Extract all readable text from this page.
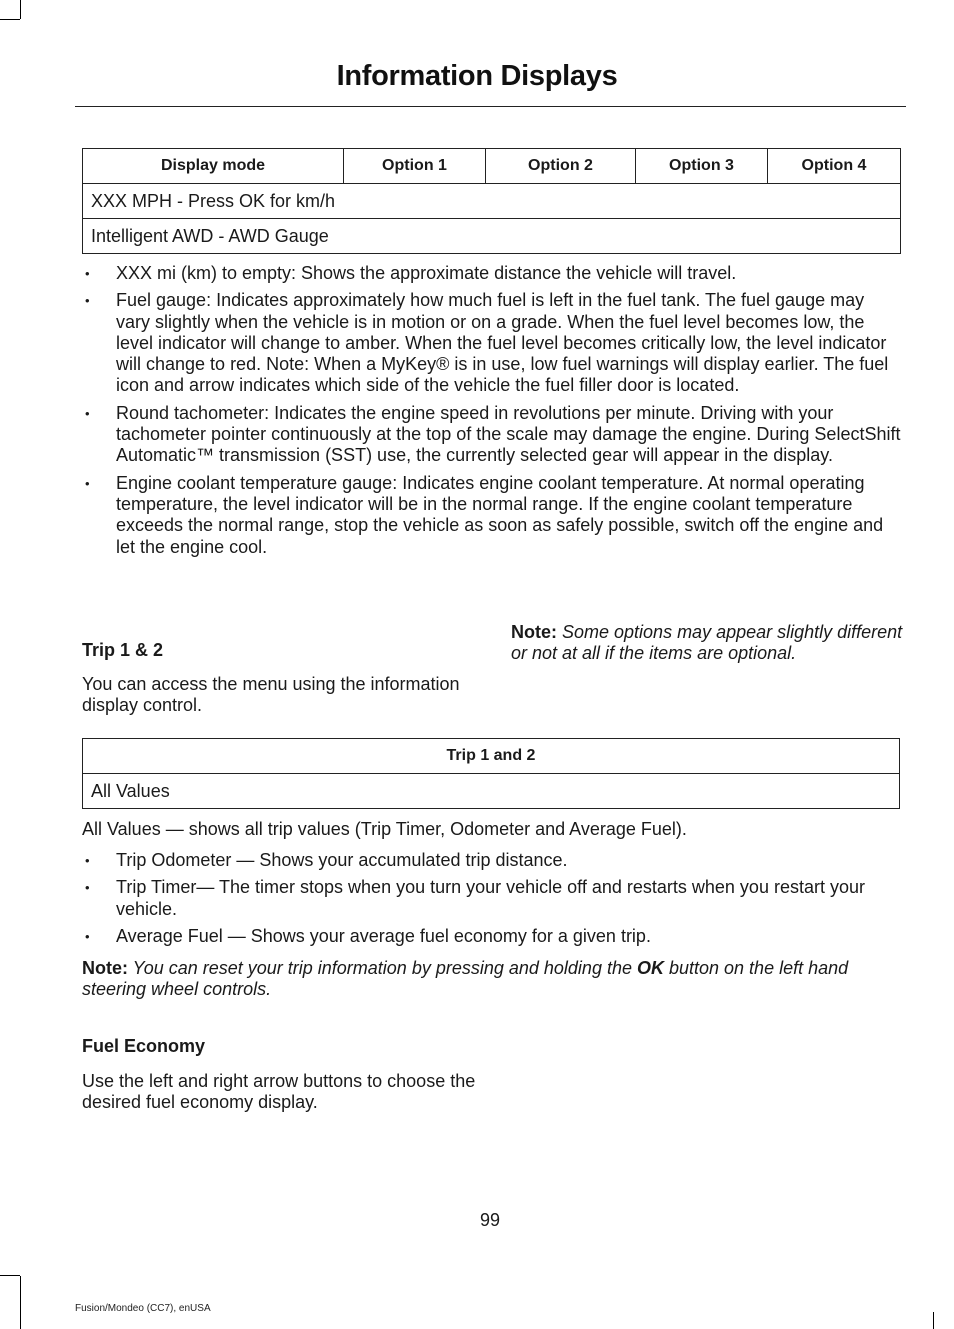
Information Displays
Display mode	Option 1	Option 2	Option 3	Option 4
XXX MPH - Press OK for km/h
Intelligent AWD - AWD Gauge
• XXX mi (km) to empty: Shows the approximate distance the vehicle will travel.
• Fuel gauge: Indicates approximately how much fuel is left in the fuel tank. The fuel gauge may vary slightly when the vehicle is in motion or on a grade. When the fuel level becomes low, the level indicator will change to amber. When the fuel level becomes critically low, the level indicator will change to red. Note: When a MyKey® is in use, low fuel warnings will display earlier. The fuel icon and arrow indicates which side of the vehicle the fuel filler door is located.
• Round tachometer: Indicates the engine speed in revolutions per minute. Driving with your tachometer pointer continuously at the top of the scale may damage the engine. During SelectShift Automatic™ transmission (SST) use, the currently selected gear will appear in the display.
• Engine coolant temperature gauge: Indicates engine coolant temperature. At normal operating temperature, the level indicator will be in the normal range. If the engine coolant temperature exceeds the normal range, stop the vehicle as soon as safely possible, switch off the engine and let the engine cool.
Trip 1 & 2
You can access the menu using the information display control.
Note: Some options may appear slightly different or not at all if the items are optional.
Trip 1 and 2
All Values
All Values — shows all trip values (Trip Timer, Odometer and Average Fuel).
• Trip Odometer — Shows your accumulated trip distance.
• Trip Timer— The timer stops when you turn your vehicle off and restarts when you restart your vehicle.
• Average Fuel — Shows your average fuel economy for a given trip.
Note: You can reset your trip information by pressing and holding the OK button on the left hand steering wheel controls.
Fuel Economy
Use the left and right arrow buttons to choose the desired fuel economy display.
99
Fusion/Mondeo (CC7), enUSA
